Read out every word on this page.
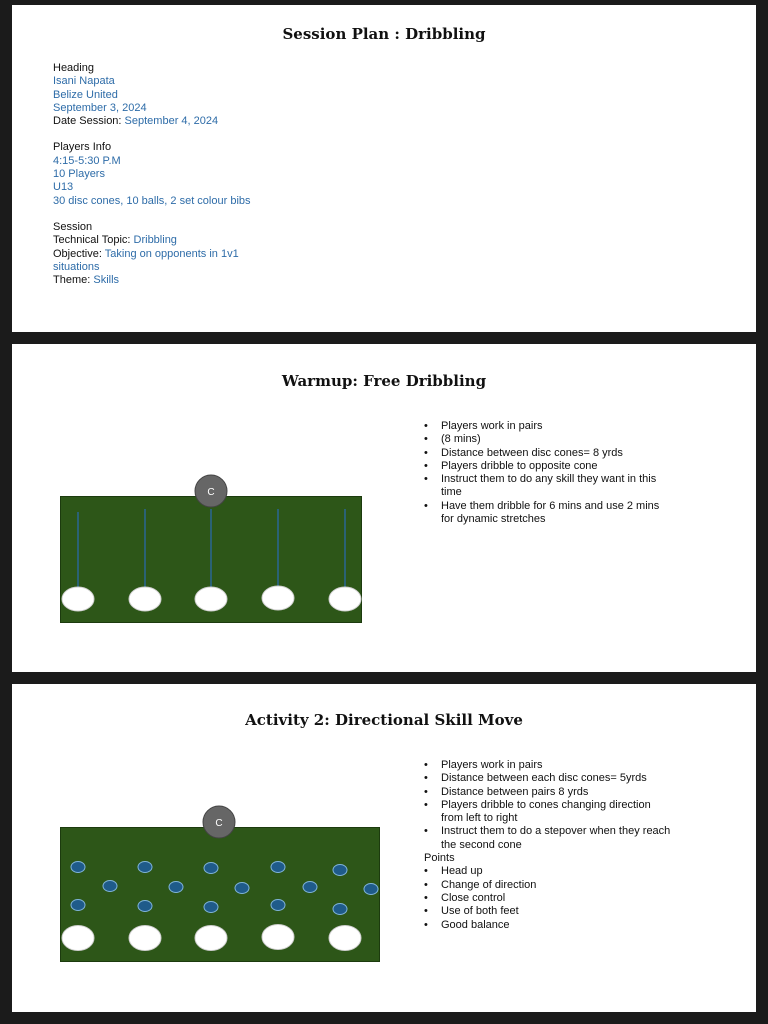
Session Plan : Dribbling
Heading
Isani Napata
Belize United
September 3, 2024
Date Session: September 4, 2024
Players Info
4:15-5:30 P.M
10 Players
U13
30 disc cones, 10 balls, 2 set colour bibs
Session
Technical Topic: Dribbling
Objective: Taking on opponents in 1v1 situations
Theme: Skills
Warmup: Free Dribbling
C
• Players work in pairs
• (8 mins)
• Distance between disc cones= 8 yrds
• Players dribble to opposite cone
• Instruct them to do any skill they want in this time
• Have them dribble for 6 mins and use 2 mins for dynamic stretches
Activity 2: Directional Skill Move
C
• Players work in pairs
• Distance between each disc cones= 5yrds
• Distance between pairs 8 yrds
• Players dribble to cones changing direction from left to right
• Instruct them to do a stepover when they reach the second cone
Points
• Head up
• Change of direction
• Close control
• Use of both feet
• Good balance
